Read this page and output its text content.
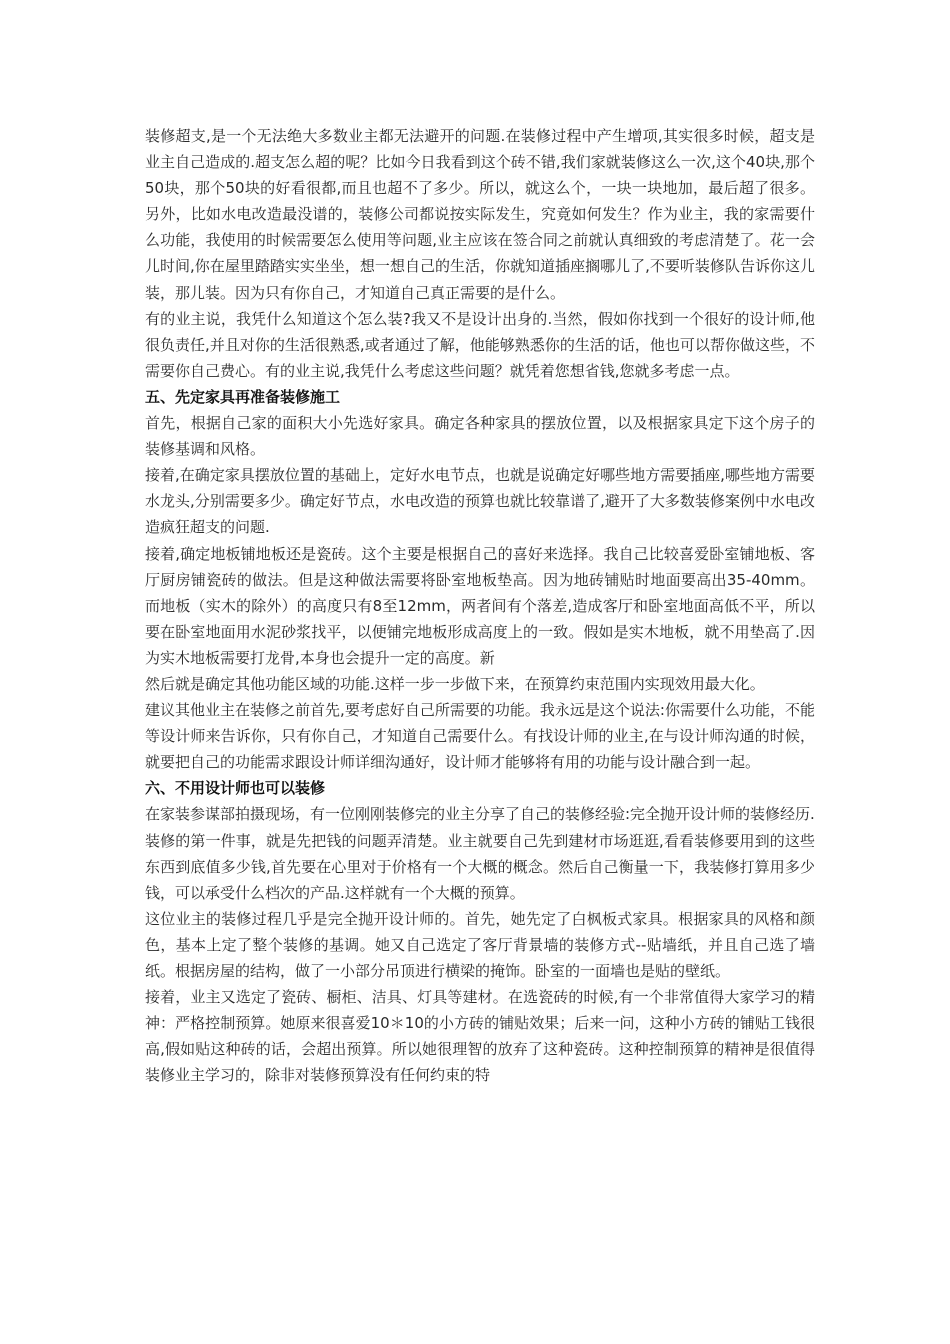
装修超支,是一个无法绝大多数业主都无法避开的问题.在装修过程中产生增项,其实很多时候，超支是业主自己造成的.超支怎么超的呢？比如今日我看到这个砖不错,我们家就装修这么一次,这个40块,那个50块，那个50块的好看很都,而且也超不了多少。所以，就这么个，一块一块地加，最后超了很多。另外，比如水电改造最没谱的，装修公司都说按实际发生，究竟如何发生？作为业主，我的家需要什么功能，我使用的时候需要怎么使用等问题,业主应该在签合同之前就认真细致的考虑清楚了。花一会儿时间,你在屋里踏踏实实坐坐，想一想自己的生活，你就知道插座搁哪儿了,不要听装修队告诉你这儿装，那儿装。因为只有你自己，才知道自己真正需要的是什么。

有的业主说，我凭什么知道这个怎么装?我又不是设计出身的.当然，假如你找到一个很好的设计师,他很负责任,并且对你的生活很熟悉,或者通过了解，他能够熟悉你的生活的话，他也可以帮你做这些，不需要你自己费心。有的业主说,我凭什么考虑这些问题？就凭着您想省钱,您就多考虑一点。

五、先定家具再准备装修施工

首先，根据自己家的面积大小先选好家具。确定各种家具的摆放位置，以及根据家具定下这个房子的装修基调和风格。

接着,在确定家具摆放位置的基础上，定好水电节点，也就是说确定好哪些地方需要插座,哪些地方需要水龙头,分别需要多少。确定好节点，水电改造的预算也就比较靠谱了,避开了大多数装修案例中水电改造疯狂超支的问题.

接着,确定地板铺地板还是瓷砖。这个主要是根据自己的喜好来选择。我自己比较喜爱卧室铺地板、客厅厨房铺瓷砖的做法。但是这种做法需要将卧室地板垫高。因为地砖铺贴时地面要高出35-40mm。而地板（实木的除外）的高度只有8至12mm，两者间有个落差,造成客厅和卧室地面高低不平，所以要在卧室地面用水泥砂浆找平，以便铺完地板形成高度上的一致。假如是实木地板，就不用垫高了.因为实木地板需要打龙骨,本身也会提升一定的高度。新

然后就是确定其他功能区域的功能.这样一步一步做下来，在预算约束范围内实现效用最大化。

建议其他业主在装修之前首先,要考虑好自己所需要的功能。我永远是这个说法:你需要什么功能，不能等设计师来告诉你，只有你自己，才知道自己需要什么。有找设计师的业主,在与设计师沟通的时候，就要把自己的功能需求跟设计师详细沟通好，设计师才能够将有用的功能与设计融合到一起。

六、不用设计师也可以装修

在家装参谋部拍摄现场，有一位刚刚装修完的业主分享了自己的装修经验:完全抛开设计师的装修经历.

装修的第一件事，就是先把钱的问题弄清楚。业主就要自己先到建材市场逛逛,看看装修要用到的这些东西到底值多少钱,首先要在心里对于价格有一个大概的概念。然后自己衡量一下，我装修打算用多少钱，可以承受什么档次的产品.这样就有一个大概的预算。

这位业主的装修过程几乎是完全抛开设计师的。首先，她先定了白枫板式家具。根据家具的风格和颜色，基本上定了整个装修的基调。她又自己选定了客厅背景墙的装修方式--贴墙纸，并且自己选了墙纸。根据房屋的结构，做了一小部分吊顶进行横梁的掩饰。卧室的一面墙也是贴的壁纸。

接着，业主又选定了瓷砖、橱柜、洁具、灯具等建材。在选瓷砖的时候,有一个非常值得大家学习的精神：严格控制预算。她原来很喜爱10＊10的小方砖的铺贴效果；后来一问，这种小方砖的铺贴工钱很高,假如贴这种砖的话，会超出预算。所以她很理智的放弃了这种瓷砖。这种控制预算的精神是很值得装修业主学习的，除非对装修预算没有任何约束的特
